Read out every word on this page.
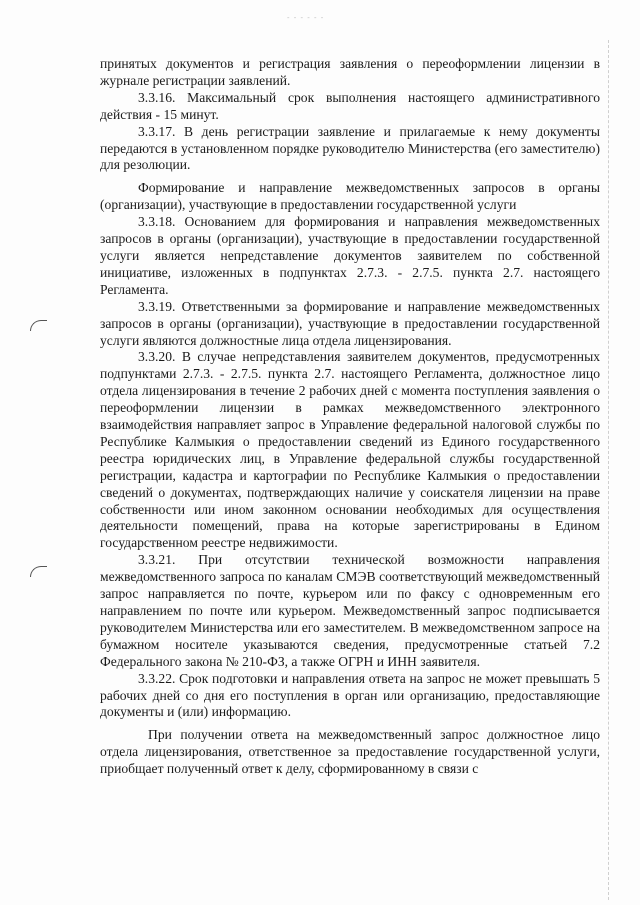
- - - - - -

принятых документов и регистрация заявления о переоформлении лицензии в журнале регистрации заявлений.

3.3.16. Максимальный срок выполнения настоящего административного действия - 15 минут.

3.3.17. В день регистрации заявление и прилагаемые к нему документы передаются в установленном порядке руководителю Министерства (его заместителю) для резолюции.

Формирование и направление межведомственных запросов в органы (организации), участвующие в предоставлении государственной услуги

3.3.18. Основанием для формирования и направления межведомственных запросов в органы (организации), участвующие в предоставлении государственной услуги является непредставление документов заявителем по собственной инициативе, изложенных в подпунктах 2.7.3. - 2.7.5. пункта 2.7. настоящего Регламента.

3.3.19. Ответственными за формирование и направление межведомственных запросов в органы (организации), участвующие в предоставлении государственной услуги являются должностные лица отдела лицензирования.

3.3.20. В случае непредставления заявителем документов, предусмотренных подпунктами 2.7.3. - 2.7.5. пункта 2.7. настоящего Регламента, должностное лицо отдела лицензирования в течение 2 рабочих дней с момента поступления заявления о переоформлении лицензии в рамках межведомственного электронного взаимодействия направляет запрос в Управление федеральной налоговой службы по Республике Калмыкия о предоставлении сведений из Единого государственного реестра юридических лиц, в Управление федеральной службы государственной регистрации, кадастра и картографии по Республике Калмыкия о предоставлении сведений о документах, подтверждающих наличие у соискателя лицензии на праве собственности или ином законном основании необходимых для осуществления деятельности помещений, права на которые зарегистрированы в Едином государственном реестре недвижимости.

3.3.21. При отсутствии технической возможности направления межведомственного запроса по каналам СМЭВ соответствующий межведомственный запрос направляется по почте, курьером или по факсу с одновременным его направлением по почте или курьером. Межведомственный запрос подписывается руководителем Министерства или его заместителем. В межведомственном запросе на бумажном носителе указываются сведения, предусмотренные статьей 7.2 Федерального закона № 210-ФЗ, а также ОГРН и ИНН заявителя.

3.3.22. Срок подготовки и направления ответа на запрос не может превышать 5 рабочих дней со дня его поступления в орган или организацию, предоставляющие документы и (или) информацию.

При получении ответа на межведомственный запрос должностное лицо отдела лицензирования, ответственное за предоставление государственной услуги, приобщает полученный ответ к делу, сформированному в связи с
